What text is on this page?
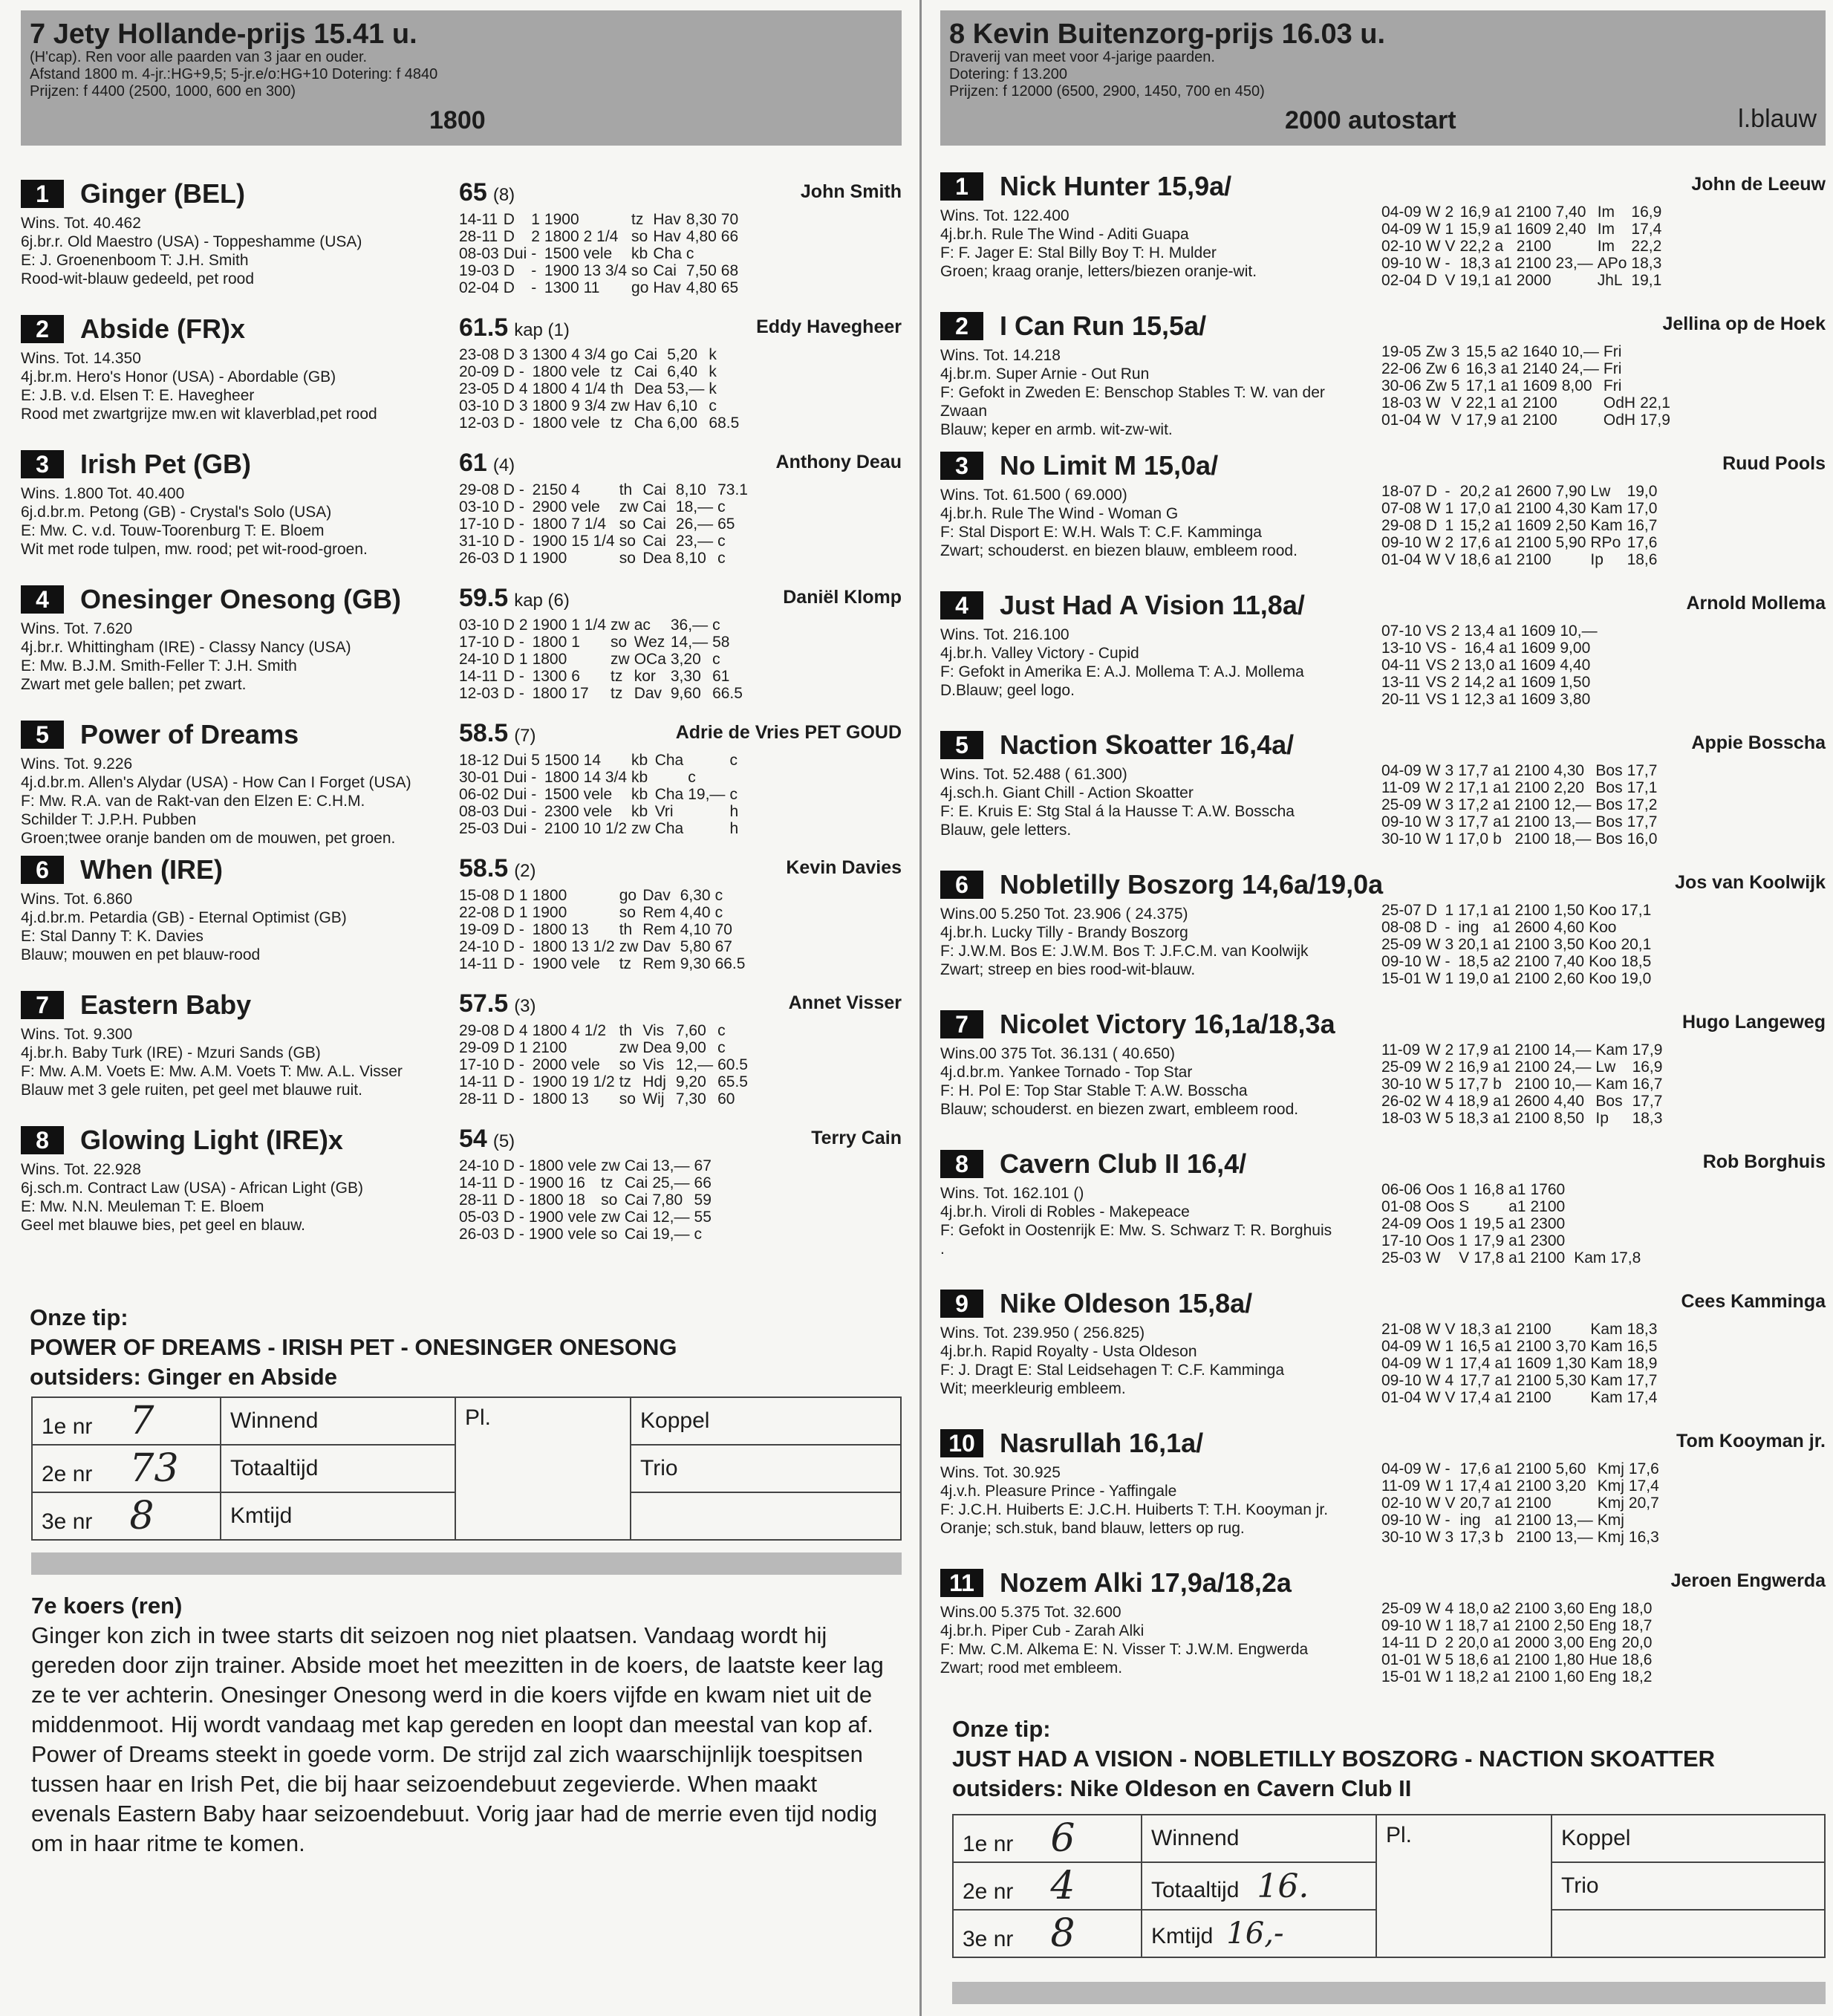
7 Jety Hollande-prijs 15.41 u.
(H'cap). Ren voor alle paarden van 3 jaar en ouder.
Afstand 1800 m. 4-jr.:HG+9,5; 5-jr.e/o:HG+10 Dotering: f 4840
Prijzen: f 4400 (2500, 1000, 600 en 300)
1800
1	Ginger (BEL)	65 (8)	John Smith
Wins. Tot. 40.462
6j.br.r. Old Maestro (USA) - Toppeshamme (USA)
E: J. Groenenboom T: J.H. Smith
Rood-wit-blauw gedeeld, pet rood
14-11	D	1	1900		tz	Hav	8,30	70
28-11	D	2	1800	2 1/4	so	Hav	4,80	66
08-03	Dui	-	1500	vele	kb	Cha	c	
19-03	D	-	1900	13 3/4	so	Cai	7,50	68
02-04	D	-	1300	11	go	Hav	4,80	65
2	Abside (FR)x	61.5 kap (1)	Eddy Havegheer
Wins. Tot. 14.350
4j.br.m. Hero's Honor (USA) - Abordable (GB)
E: J.B. v.d. Elsen T: E. Havegheer
Rood met zwartgrijze mw.en wit klaverblad,pet rood
23-08	D	3	1300	4 3/4	go	Cai	5,20	k
20-09	D	-	1800	vele	tz	Cai	6,40	k
23-05	D	4	1800	4 1/4	th	Dea	53,—	k
03-10	D	3	1800	9 3/4	zw	Hav	6,10	c
12-03	D	-	1800	vele	tz	Cha	6,00	68.5
3	Irish Pet (GB)	61 (4)	Anthony Deau
Wins. 1.800 Tot. 40.400
6j.d.br.m. Petong (GB) - Crystal's Solo (USA)
E: Mw. C. v.d. Touw-Toorenburg T: E. Bloem
Wit met rode tulpen, mw. rood; pet wit-rood-groen.
29-08	D	-	2150	4	th	Cai	8,10	73.1
03-10	D	-	2900	vele	zw	Cai	18,—	c
17-10	D	-	1800	7 1/4	so	Cai	26,—	65
31-10	D	-	1900	15 1/4	so	Cai	23,—	c
26-03	D	1	1900		so	Dea	8,10	c
4	Onesinger Onesong (GB) 59.5 kap (6)	Daniël Klomp
Wins. Tot. 7.620
4j.br.r. Whittingham (IRE) - Classy Nancy (USA)
E: Mw. B.J.M. Smith-Feller T: J.H. Smith
Zwart met gele ballen; pet zwart.
03-10	D	2	1900	1 1/4	zw	ac	36,—	c
17-10	D	-	1800	1	so	Wez	14,—	58
24-10	D	1	1800		zw	OCa	3,20	c
14-11	D	-	1300	6	tz	kor	3,30	61
12-03	D	-	1800	17	tz	Dav	9,60	66.5
5	Power of Dreams	58.5 (7)	Adrie de Vries PET GOUD
Wins. Tot. 9.226
4j.d.br.m. Allen's Alydar (USA) - How Can I Forget (USA)
F: Mw. R.A. van de Rakt-van den Elzen E: C.H.M.
Schilder T: J.P.H. Pubben
Groen;twee oranje banden om de mouwen, pet groen.
18-12	Dui	5	1500	14	kb	Cha		c
30-01	Dui	-	1800	14 3/4	kb		c	
06-02	Dui	-	1500	vele	kb	Cha	19,—	c
08-03	Dui	-	2300	vele	kb	Vri		h
25-03	Dui	-	2100	10 1/2	zw	Cha		h
6	When (IRE)	58.5 (2)	Kevin Davies
Wins. Tot. 6.860
4j.d.br.m. Petardia (GB) - Eternal Optimist (GB)
E: Stal Danny T: K. Davies
Blauw; mouwen en pet blauw-rood
15-08	D	1	1800		go	Dav	6,30	c
22-08	D	1	1900		so	Rem	4,40	c
19-09	D	-	1800	13	th	Rem	4,10	70
24-10	D	-	1800	13 1/2	zw	Dav	5,80	67
14-11	D	-	1900	vele	tz	Rem	9,30	66.5
7	Eastern Baby	57.5 (3)	Annet Visser
Wins. Tot. 9.300
4j.br.h. Baby Turk (IRE) - Mzuri Sands (GB)
F: Mw. A.M. Voets E: Mw. A.M. Voets T: Mw. A.L. Visser
Blauw met 3 gele ruiten, pet geel met blauwe ruit.
29-08	D	4	1800	4 1/2	th	Vis	7,60	c
29-09	D	1	2100		zw	Dea	9,00	c
17-10	D	-	2000	vele	so	Vis	12,—	60.5
14-11	D	-	1900	19 1/2	tz	Hdj	9,20	65.5
28-11	D	-	1800	13	so	Wij	7,30	60
8	Glowing Light (IRE)x	54 (5)	Terry Cain
Wins. Tot. 22.928
6j.sch.m. Contract Law (USA) - African Light (GB)
E: Mw. N.N. Meuleman T: E. Bloem
Geel met blauwe bies, pet geel en blauw.
24-10	D	-	1800	vele	zw	Cai	13,—	67
14-11	D	-	1900	16	tz	Cai	25,—	66
28-11	D	-	1800	18	so	Cai	7,80	59
05-03	D	-	1900	vele	zw	Cai	12,—	55
26-03	D	-	1900	vele	so	Cai	19,—	c
Onze tip:
POWER OF DREAMS - IRISH PET - ONESINGER ONESONG
outsiders: Ginger en Abside
1e nr 7	Winnend	Pl.	Koppel
2e nr 73	Totaaltijd		Trio
3e nr 8	Kmtijd		
7e koers (ren)
Ginger kon zich in twee starts dit seizoen nog niet plaatsen. Vandaag wordt hij gereden door zijn trainer. Abside moet het meezitten in de koers, de laatste keer lag ze te ver achterin. Onesinger Onesong werd in die koers vijfde en kwam niet uit de middenmoot. Hij wordt vandaag met kap gereden en loopt dan meestal van kop af. Power of Dreams steekt in goede vorm. De strijd zal zich waarschijnlijk toespitsen tussen haar en Irish Pet, die bij haar seizoendebuut zegevierde. When maakt evenals Eastern Baby haar seizoendebuut. Vorig jaar had de merrie even tijd nodig om in haar ritme te komen.
8 Kevin Buitenzorg-prijs 16.03 u.
Draverij van meet voor 4-jarige paarden.
Dotering: f 13.200
Prijzen: f 12000 (6500, 2900, 1450, 700 en 450)
2000 autostart	l.blauw
1	Nick Hunter 15,9a/	John de Leeuw
Wins. Tot. 122.400
4j.br.h. Rule The Wind - Aditi Guapa
F: F. Jager E: Stal Billy Boy T: H. Mulder
Groen; kraag oranje, letters/biezen oranje-wit.
04-09	W	2	16,9	a1	2100	7,40	Im	16,9
04-09	W	1	15,9	a1	1609	2,40	Im	17,4
02-10	W	V	22,2	a	2100		Im	22,2
09-10	W	-	18,3	a1	2100	23,—	APo	18,3
02-04	D	V	19,1	a1	2000		JhL	19,1
2	I Can Run 15,5a/	Jellina op de Hoek
Wins. Tot. 14.218
4j.br.m. Super Arnie - Out Run
F: Gefokt in Zweden E: Benschop Stables T: W. van der
Zwaan
Blauw; keper en armb. wit-zw-wit.
19-05	Zw	3	15,5	a2	1640	10,—	Fri	
22-06	Zw	6	16,3	a1	2140	24,—	Fri	
30-06	Zw	5	17,1	a1	1609	8,00	Fri	
18-03	W	V	22,1	a1	2100		OdH	22,1
01-04	W	V	17,9	a1	2100		OdH	17,9
3	No Limit M 15,0a/	Ruud Pools
Wins. Tot. 61.500 ( 69.000)
4j.br.h. Rule The Wind - Woman G
F: Stal Disport E: W.H. Wals T: C.F. Kamminga
Zwart; schouderst. en biezen blauw, embleem rood.
18-07	D	-	20,2	a1	2600	7,90	Lw	19,0
07-08	W	1	17,0	a1	2100	4,30	Kam	17,0
29-08	D	1	15,2	a1	1609	2,50	Kam	16,7
09-10	W	2	17,6	a1	2100	5,90	RPo	17,6
01-04	W	V	18,6	a1	2100		Ip	18,6
4	Just Had A Vision 11,8a/	Arnold Mollema
Wins. Tot. 216.100
4j.br.h. Valley Victory - Cupid
F: Gefokt in Amerika E: A.J. Mollema T: A.J. Mollema
D.Blauw; geel logo.
07-10	VS	2	13,4	a1	1609	10,—		
13-10	VS	-	16,4	a1	1609	9,00		
04-11	VS	2	13,0	a1	1609	4,40		
13-11	VS	2	14,2	a1	1609	1,50		
20-11	VS	1	12,3	a1	1609	3,80		
5	Naction Skoatter 16,4a/	Appie Bosscha
Wins. Tot. 52.488 ( 61.300)
4j.sch.h. Giant Chill - Action Skoatter
F: E. Kruis E: Stg Stal á la Hausse T: A.W. Bosscha
Blauw, gele letters.
04-09	W	3	17,7	a1	2100	4,30	Bos	17,7
11-09	W	2	17,1	a1	2100	2,20	Bos	17,1
25-09	W	3	17,2	a1	2100	12,—	Bos	17,2
09-10	W	3	17,7	a1	2100	13,—	Bos	17,7
30-10	W	1	17,0	b	2100	18,—	Bos	16,0
6	Nobletilly Boszorg 14,6a/19,0a	Jos van Koolwijk
Wins.00 5.250 Tot. 23.906 ( 24.375)
4j.br.h. Lucky Tilly - Brandy Boszorg
F: J.W.M. Bos E: J.W.M. Bos T: J.F.C.M. van Koolwijk
Zwart; streep en bies rood-wit-blauw.
25-07	D	1	17,1	a1	2100	1,50	Koo	17,1
08-08	D	-	ing	a1	2600	4,60	Koo	
25-09	W	3	20,1	a1	2100	3,50	Koo	20,1
09-10	W	-	18,5	a2	2100	7,40	Koo	18,5
15-01	W	1	19,0	a1	2100	2,60	Koo	19,0
7	Nicolet Victory 16,1a/18,3a	Hugo Langeweg
Wins.00 375 Tot. 36.131 ( 40.650)
4j.d.br.m. Yankee Tornado - Top Star
F: H. Pol E: Top Star Stable T: A.W. Bosscha
Blauw; schouderst. en biezen zwart, embleem rood.
11-09	W	2	17,9	a1	2100	14,—	Kam	17,9
25-09	W	2	16,9	a1	2100	24,—	Lw	16,9
30-10	W	5	17,7	b	2100	10,—	Kam	16,7
26-02	W	4	18,9	a1	2600	4,40	Bos	17,7
18-03	W	5	18,3	a1	2100	8,50	Ip	18,3
8	Cavern Club II 16,4/	Rob Borghuis
Wins. Tot. 162.101 ()
4j.br.h. Viroli di Robles - Makepeace
F: Gefokt in Oostenrijk E: Mw. S. Schwarz T: R. Borghuis
.
06-06	Oos	1	16,8	a1	1760			
01-08	Oos	S		a1	2100			
24-09	Oos	1	19,5	a1	2300			
17-10	Oos	1	17,9	a1	2300			
25-03	W	V	17,8	a1	2100		Kam	17,8
9	Nike Oldeson 15,8a/	Cees Kamminga
Wins. Tot. 239.950 ( 256.825)
4j.br.h. Rapid Royalty - Usta Oldeson
F: J. Dragt E: Stal Leidsehagen T: C.F. Kamminga
Wit; meerkleurig embleem.
21-08	W	V	18,3	a1	2100		Kam	18,3
04-09	W	1	16,5	a1	2100	3,70	Kam	16,5
04-09	W	1	17,4	a1	1609	1,30	Kam	18,9
09-10	W	4	17,7	a1	2100	5,30	Kam	17,7
01-04	W	V	17,4	a1	2100		Kam	17,4
10 Nasrullah 16,1a/	Tom Kooyman jr.
Wins. Tot. 30.925
4j.v.h. Pleasure Prince - Yaffingale
F: J.C.H. Huiberts E: J.C.H. Huiberts T: T.H. Kooyman jr.
Oranje; sch.stuk, band blauw, letters op rug.
04-09	W	-	17,6	a1	2100	5,60	Kmj	17,6
11-09	W	1	17,4	a1	2100	3,20	Kmj	17,4
02-10	W	V	20,7	a1	2100		Kmj	20,7
09-10	W	-	ing	a1	2100	13,—	Kmj	
30-10	W	3	17,3	b	2100	13,—	Kmj	16,3
11 Nozem Alki 17,9a/18,2a	Jeroen Engwerda
Wins.00 5.375 Tot. 32.600
4j.br.h. Piper Cub - Zarah Alki
F: Mw. C.M. Alkema E: N. Visser T: J.W.M. Engwerda
Zwart; rood met embleem.
25-09	W	4	18,0	a2	2100	3,60	Eng	18,0
09-10	W	1	18,7	a1	2100	2,50	Eng	18,7
14-11	D	2	20,0	a1	2000	3,00	Eng	20,0
01-01	W	5	18,6	a1	2100	1,80	Hue	18,6
15-01	W	1	18,2	a1	2100	1,60	Eng	18,2
Onze tip:
JUST HAD A VISION - NOBLETILLY BOSZORG - NACTION SKOATTER
outsiders: Nike Oldeson en Cavern Club II
1e nr 6	Winnend	Pl.	Koppel
2e nr 4	Totaaltijd 16.		Trio
3e nr 8	Kmtijd 16,-		
